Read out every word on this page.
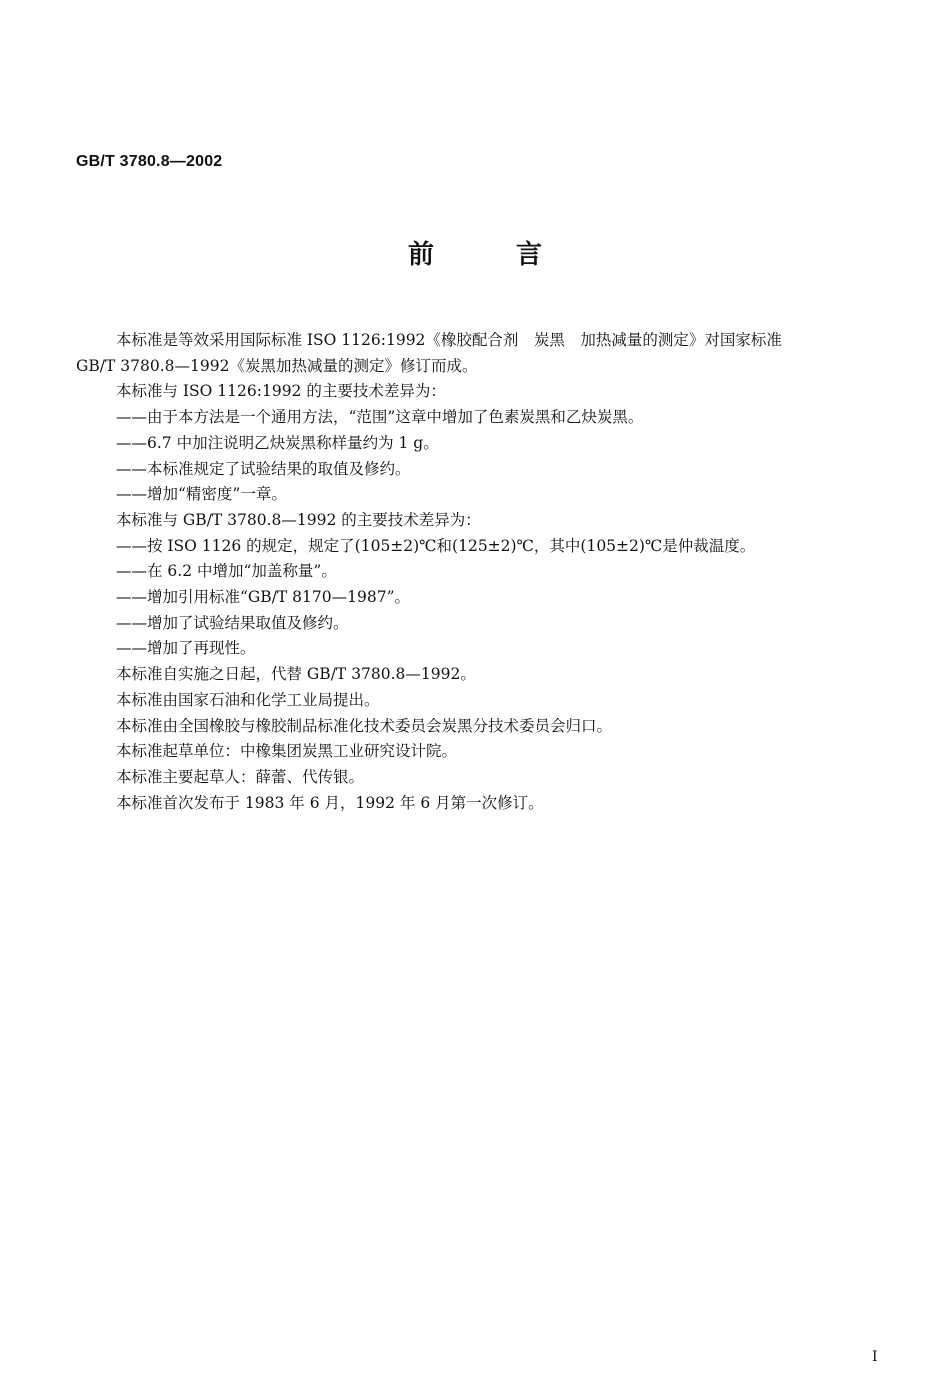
GB/T 3780.8—2002
前言

本标准是等效采用国际标准 ISO 1126:1992《橡胶配合剂　炭黑　加热减量的测定》对国家标准

GB/T 3780.8—1992《炭黑加热减量的测定》修订而成。

本标准与 ISO 1126:1992 的主要技术差异为：

——由于本方法是一个通用方法，“范围”这章中增加了色素炭黑和乙炔炭黑。

——6.7 中加注说明乙炔炭黑称样量约为 1 g。

——本标准规定了试验结果的取值及修约。

——增加“精密度”一章。

本标准与 GB/T 3780.8—1992 的主要技术差异为：

——按 ISO 1126 的规定，规定了(105±2)℃和(125±2)℃，其中(105±2)℃是仲裁温度。

——在 6.2 中增加“加盖称量”。

——增加引用标准“GB/T 8170—1987”。

——增加了试验结果取值及修约。

——增加了再现性。

本标准自实施之日起，代替 GB/T 3780.8—1992。

本标准由国家石油和化学工业局提出。

本标准由全国橡胶与橡胶制品标准化技术委员会炭黑分技术委员会归口。

本标准起草单位：中橡集团炭黑工业研究设计院。

本标准主要起草人：薛蕾、代传银。

本标准首次发布于 1983 年 6 月，1992 年 6 月第一次修订。

I
